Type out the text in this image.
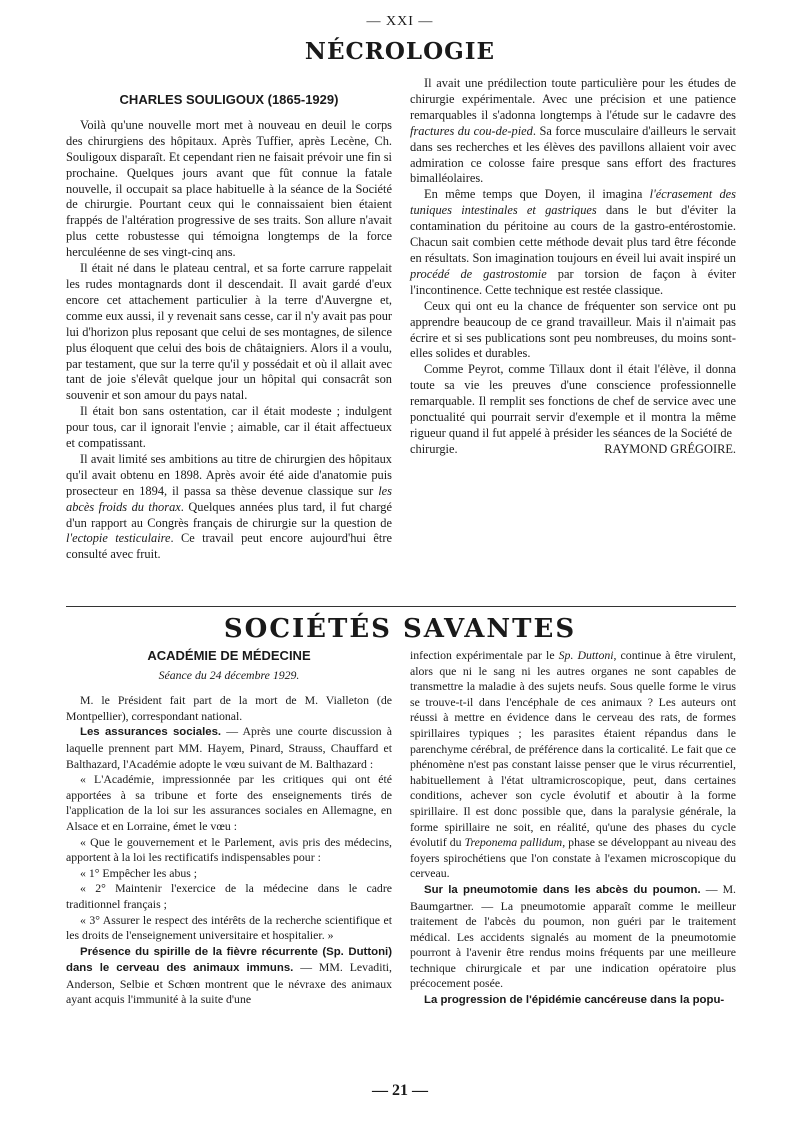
— XXI —
NÉCROLOGIE

CHARLES SOULIGOUX (1865-1929)

Voilà qu'une nouvelle mort met à nouveau en deuil le corps des chirurgiens des hôpitaux. Après Tuffier, après Lecène, Ch. Souligoux disparaît. Et cependant rien ne faisait prévoir une fin si prochaine. Quelques jours avant que fût connue la fatale nouvelle, il occupait sa place habituelle à la séance de la Société de chirurgie. Pourtant ceux qui le connaissaient bien étaient frappés de l'altération progressive de ses traits. Son allure n'avait plus cette robustesse qui témoigna longtemps de la force herculéenne de ses vingt-cinq ans.

Il était né dans le plateau central, et sa forte carrure rappelait les rudes montagnards dont il descendait. Il avait gardé d'eux encore cet attachement particulier à la terre d'Auvergne et, comme eux aussi, il y revenait sans cesse, car il n'y avait pas pour lui d'horizon plus reposant que celui de ses montagnes, de silence plus éloquent que celui des bois de châtaigniers. Alors il a voulu, par testament, que sur la terre qu'il y possédait et où il allait avec tant de joie s'élevât quelque jour un hôpital qui consacrât son souvenir et son amour du pays natal.

Il était bon sans ostentation, car il était modeste ; indulgent pour tous, car il ignorait l'envie ; aimable, car il était affectueux et compatissant.

Il avait limité ses ambitions au titre de chirurgien des hôpitaux qu'il avait obtenu en 1898. Après avoir été aide d'anatomie puis prosecteur en 1894, il passa sa thèse devenue classique sur les abcès froids du thorax. Quelques années plus tard, il fut chargé d'un rapport au Congrès français de chirurgie sur la question de l'ectopie testiculaire. Ce travail peut encore aujourd'hui être consulté avec fruit.

Il avait une prédilection toute particulière pour les études de chirurgie expérimentale. Avec une précision et une patience remarquables il s'adonna longtemps à l'étude sur le cadavre des fractures du cou-de-pied. Sa force musculaire d'ailleurs le servait dans ses recherches et les élèves des pavillons allaient voir avec admiration ce colosse faire presque sans effort des fractures bimalléolaires.

En même temps que Doyen, il imagina l'écrasement des tuniques intestinales et gastriques dans le but d'éviter la contamination du péritoine au cours de la gastro-entérostomie. Chacun sait combien cette méthode devait plus tard être féconde en résultats. Son imagination toujours en éveil lui avait inspiré un procédé de gastrostomie par torsion de façon à éviter l'incontinence. Cette technique est restée classique.

Ceux qui ont eu la chance de fréquenter son service ont pu apprendre beaucoup de ce grand travailleur. Mais il n'aimait pas écrire et si ses publications sont peu nombreuses, du moins sont-elles solides et durables.

Comme Peyrot, comme Tillaux dont il était l'élève, il donna toute sa vie les preuves d'une conscience professionnelle remarquable. Il remplit ses fonctions de chef de service avec une ponctualité qui pourrait servir d'exemple et il montra la même rigueur quand il fut appelé à présider les séances de la Société de

chirurgie.	RAYMOND GRÉGOIRE.
SOCIÉTÉS SAVANTES
ACADÉMIE DE MÉDECINE
Séance du 24 décembre 1929.

M. le Président fait part de la mort de M. Vialleton (de Montpellier), correspondant national.

Les assurances sociales. — Après une courte discussion à laquelle prennent part MM. Hayem, Pinard, Strauss, Chauffard et Balthazard, l'Académie adopte le vœu suivant de M. Balthazard :

« L'Académie, impressionnée par les critiques qui ont été apportées à sa tribune et forte des enseignements tirés de l'application de la loi sur les assurances sociales en Allemagne, en Alsace et en Lorraine, émet le vœu :

« Que le gouvernement et le Parlement, avis pris des médecins, apportent à la loi les rectificatifs indispensables pour :

« 1° Empêcher les abus ;

« 2° Maintenir l'exercice de la médecine dans le cadre traditionnel français ;

« 3° Assurer le respect des intérêts de la recherche scientifique et les droits de l'enseignement universitaire et hospitalier. »

Présence du spirille de la fièvre récurrente (Sp. Duttoni) dans le cerveau des animaux immuns. — MM. Levaditi, Anderson, Selbie et Schœn montrent que le névraxe des animaux ayant acquis l'immunité à la suite d'une

infection expérimentale par le Sp. Duttoni, continue à être virulent, alors que ni le sang ni les autres organes ne sont capables de transmettre la maladie à des sujets neufs. Sous quelle forme le virus se trouve-t-il dans l'encéphale de ces animaux ? Les auteurs ont réussi à mettre en évidence dans le cerveau des rats, de formes spirillaires typiques ; les parasites étaient répandus dans le parenchyme cérébral, de préférence dans la corticalité. Le fait que ce phénomène n'est pas constant laisse penser que le virus récurrentiel, habituellement à l'état ultramicroscopique, peut, dans certaines conditions, achever son cycle évolutif et aboutir à la forme spirillaire. Il est donc possible que, dans la paralysie générale, la forme spirillaire ne soit, en réalité, qu'une des phases du cycle évolutif du Treponema pallidum, phase se développant au niveau des foyers spirochétiens que l'on constate à l'examen microscopique du cerveau.

Sur la pneumotomie dans les abcès du poumon. — M. Baumgartner. — La pneumotomie apparaît comme le meilleur traitement de l'abcès du poumon, non guéri par le traitement médical. Les accidents signalés au moment de la pneumotomie pourront à l'avenir être rendus moins fréquents par une meilleure technique chirurgicale et par une indication opératoire plus précocement posée.

La progression de l'épidémie cancéreuse dans la popu-

— 21 —
